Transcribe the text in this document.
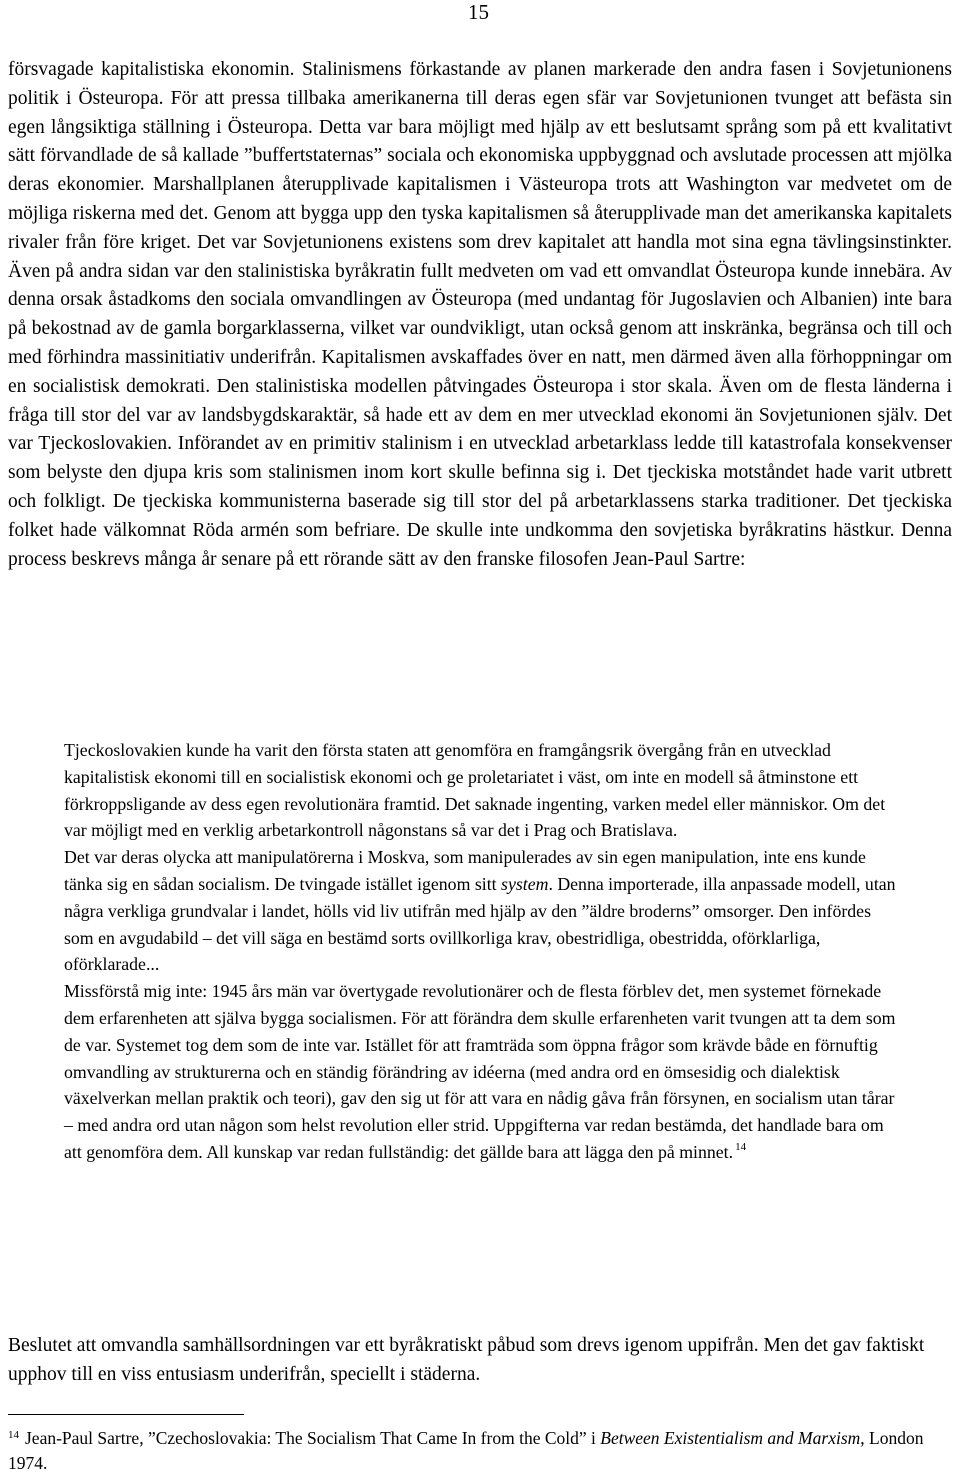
15

försvagade kapitalistiska ekonomin. Stalinismens förkastande av planen markerade den andra fasen i Sovjetunionens politik i Östeuropa. För att pressa tillbaka amerikanerna till deras egen sfär var Sovjetunionen tvunget att befästa sin egen långsiktiga ställning i Östeuropa. Detta var bara möjligt med hjälp av ett beslutsamt språng som på ett kvalitativt sätt förvandlade de så kallade ”buffertstaternas” sociala och ekonomiska uppbyggnad och avslutade processen att mjölka deras ekonomier. Marshallplanen återupplivade kapitalismen i Västeuropa trots att Washington var medvetet om de möjliga riskerna med det. Genom att bygga upp den tyska kapitalismen så återupplivade man det amerikanska kapitalets rivaler från före kriget. Det var Sovjetunionens existens som drev kapitalet att handla mot sina egna tävlingsinstinkter. Även på andra sidan var den stalinistiska byråkratin fullt medveten om vad ett omvandlat Östeuropa kunde innebära. Av denna orsak åstadkoms den sociala omvandlingen av Östeuropa (med undantag för Jugoslavien och Albanien) inte bara på bekostnad av de gamla borgarklasserna, vilket var oundvikligt, utan också genom att inskränka, begränsa och till och med förhindra massinitiativ underifrån. Kapitalismen avskaffades över en natt, men därmed även alla förhoppningar om en socialistisk demokrati. Den stalinistiska modellen påtvingades Östeuropa i stor skala. Även om de flesta länderna i fråga till stor del var av landsbygdskaraktär, så hade ett av dem en mer utvecklad ekonomi än Sovjetunionen själv. Det var Tjeckoslovakien. Införandet av en primitiv stalinism i en utvecklad arbetarklass ledde till katastrofala konsekvenser som belyste den djupa kris som stalinismen inom kort skulle befinna sig i. Det tjeckiska motståndet hade varit utbrett och folkligt. De tjeckiska kommunisterna baserade sig till stor del på arbetarklassens starka traditioner. Det tjeckiska folket hade välkomnat Röda armén som befriare. De skulle inte undkomma den sovjetiska byråkratins hästkur. Denna process beskrevs många år senare på ett rörande sätt av den franske filosofen Jean-Paul Sartre:

Tjeckoslovakien kunde ha varit den första staten att genomföra en framgångsrik övergång från en utvecklad kapitalistisk ekonomi till en socialistisk ekonomi och ge proletariatet i väst, om inte en modell så åtminstone ett förkroppsligande av dess egen revolutionära framtid. Det saknade ingenting, varken medel eller människor. Om det var möjligt med en verklig arbetarkontroll någonstans så var det i Prag och Bratislava.

Det var deras olycka att manipulatörerna i Moskva, som manipulerades av sin egen manipulation, inte ens kunde tänka sig en sådan socialism. De tvingade istället igenom sitt system. Denna importerade, illa anpassade modell, utan några verkliga grundvalar i landet, hölls vid liv utifrån med hjälp av den ”äldre broderns” omsorger. Den infördes som en avgudabild – det vill säga en bestämd sorts ovillkorliga krav, obestridliga, obestridda, oförklarliga, oförklarade...

Missförstå mig inte: 1945 års män var övertygade revolutionärer och de flesta förblev det, men systemet förnekade dem erfarenheten att själva bygga socialismen. För att förändra dem skulle erfarenheten varit tvungen att ta dem som de var. Systemet tog dem som de inte var. Istället för att framträda som öppna frågor som krävde både en förnuftig omvandling av strukturerna och en ständig förändring av idéerna (med andra ord en ömsesidig och dialektisk växelverkan mellan praktik och teori), gav den sig ut för att vara en nådig gåva från försynen, en socialism utan tårar – med andra ord utan någon som helst revolution eller strid. Uppgifterna var redan bestämda, det handlade bara om att genomföra dem. All kunskap var redan fullständig: det gällde bara att lägga den på minnet. $^{14}$

Beslutet att omvandla samhällsordningen var ett byråkratiskt påbud som drevs igenom uppifrån. Men det gav faktiskt upphov till en viss entusiasm underifrån, speciellt i städerna.

$^{14}$ Jean-Paul Sartre, ”Czechoslovakia: The Socialism That Came In from the Cold” i Between Existentialism and Marxism, London 1974.
